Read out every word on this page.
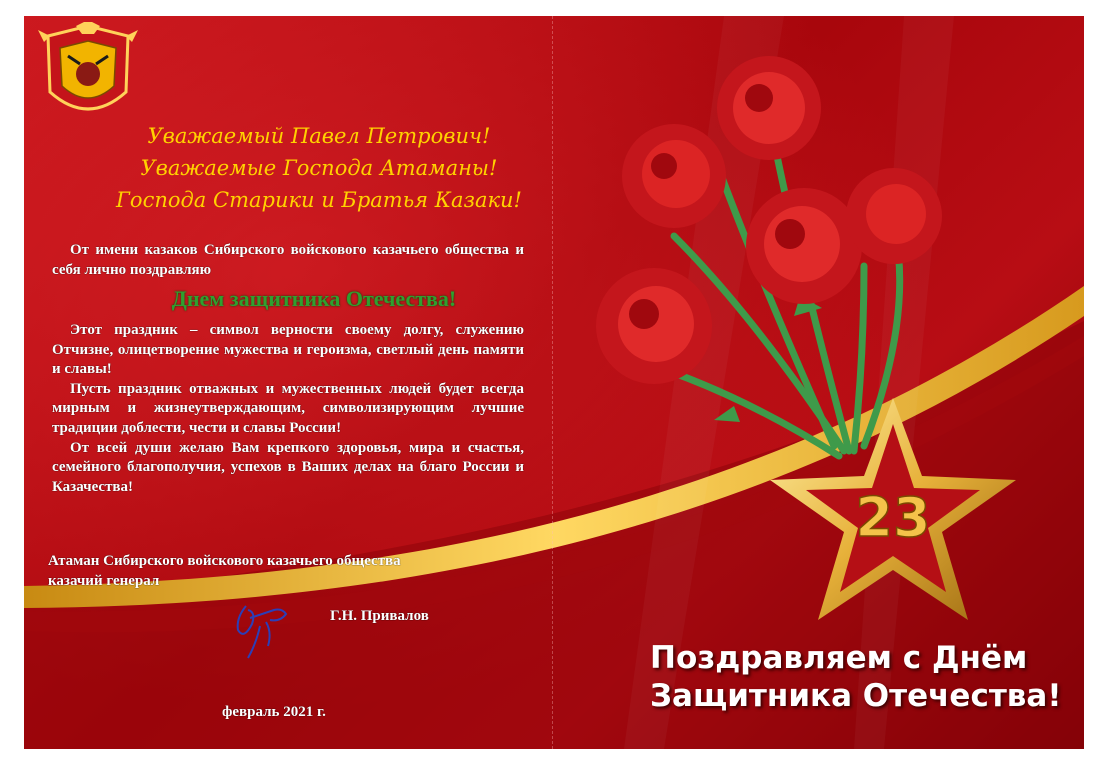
Уважаемый Павел Петрович!
Уважаемые Господа Атаманы!
Господа Старики и Братья Казаки!

От имени казаков Сибирского войскового казачьего общества и себя лично поздравляю

Днем защитника Отечества!

Этот праздник – символ верности своему долгу, служению Отчизне, олицетворение мужества и героизма, светлый день памяти и славы!

Пусть праздник отважных и мужественных людей будет всегда мирным и жизнеутверждающим, символизирующим лучшие традиции доблести, чести и славы России!

От всей души желаю Вам крепкого здоровья, мира и счастья, семейного благополучия, успехов в Ваших делах на благо России и Казачества!

Атаман Сибирского войскового казачьего общества
казачий генерал
Г.Н. Привалов
февраль 2021 г.
23
Поздравляем с Днём
Защитника Отечества!
